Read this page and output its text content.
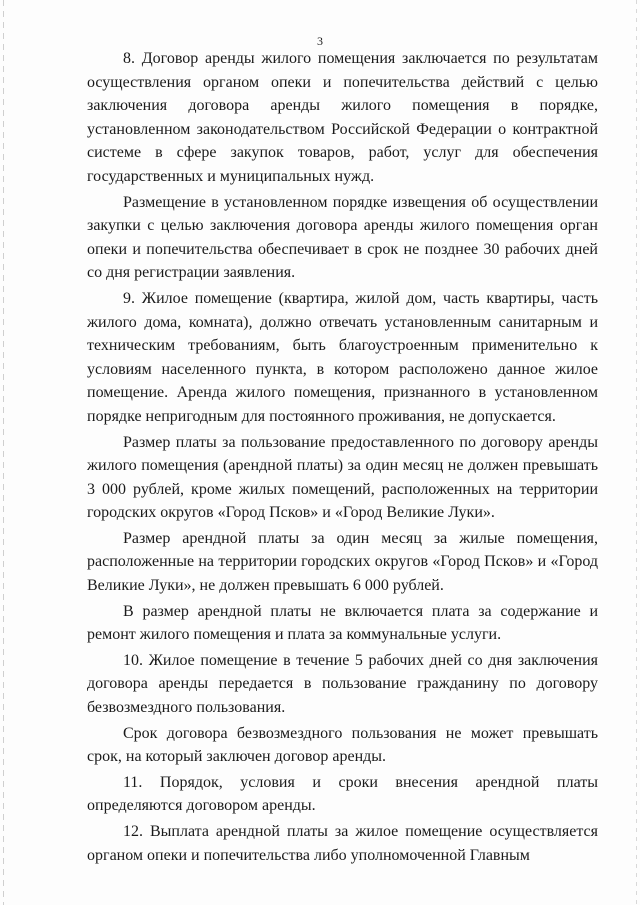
3

8. Договор аренды жилого помещения заключается по результатам осуществления органом опеки и попечительства действий с целью заключения договора аренды жилого помещения в порядке, установленном законодательством Российской Федерации о контрактной системе в сфере закупок товаров, работ, услуг для обеспечения государственных и муниципальных нужд.

Размещение в установленном порядке извещения об осуществлении закупки с целью заключения договора аренды жилого помещения орган опеки и попечительства обеспечивает в срок не позднее 30 рабочих дней со дня регистрации заявления.

9. Жилое помещение (квартира, жилой дом, часть квартиры, часть жилого дома, комната), должно отвечать установленным санитарным и техническим требованиям, быть благоустроенным применительно к условиям населенного пункта, в котором расположено данное жилое помещение. Аренда жилого помещения, признанного в установленном порядке непригодным для постоянного проживания, не допускается.

Размер платы за пользование предоставленного по договору аренды жилого помещения (арендной платы) за один месяц не должен превышать 3 000 рублей, кроме жилых помещений, расположенных на территории городских округов «Город Псков» и «Город Великие Луки».

Размер арендной платы за один месяц за жилые помещения, расположенные на территории городских округов «Город Псков» и «Город Великие Луки», не должен превышать 6 000 рублей.

В размер арендной платы не включается плата за содержание и ремонт жилого помещения и плата за коммунальные услуги.

10. Жилое помещение в течение 5 рабочих дней со дня заключения договора аренды передается в пользование гражданину по договору безвозмездного пользования.

Срок договора безвозмездного пользования не может превышать срок, на который заключен договор аренды.

11. Порядок, условия и сроки внесения арендной платы определяются договором аренды.

12. Выплата арендной платы за жилое помещение осуществляется органом опеки и попечительства либо уполномоченной Главным
